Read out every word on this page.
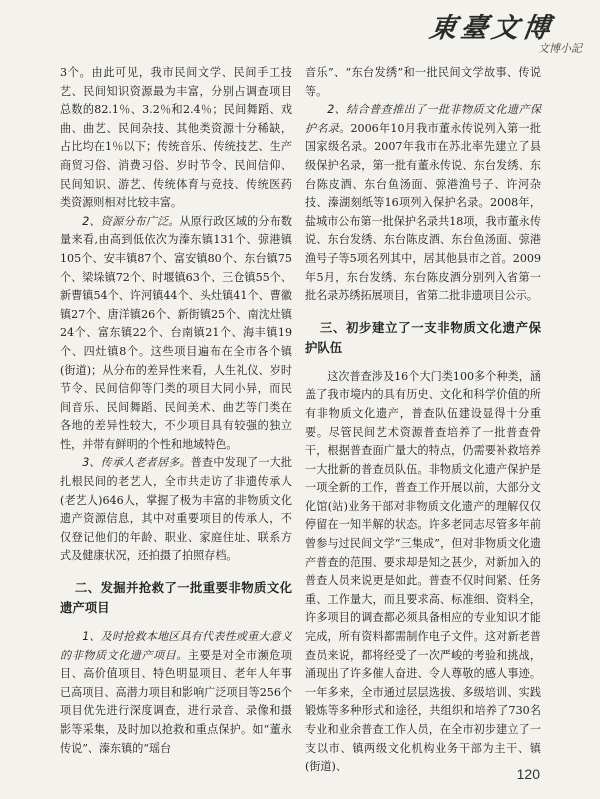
東臺文博
文博小記

3个。由此可见，我市民间文学、民间手工技艺、民间知识资源最为丰富，分别占调查项目总数的82.1％、3.2％和2.4％；民间舞蹈、戏曲、曲艺、民间杂技、其他类资源十分稀缺，占比均在1％以下；传统音乐、传统技艺、生产商贸习俗、消费习俗、岁时节令、民间信仰、民间知识、游艺、传统体育与竞技、传统医药类资源则相对比较丰富。

2、资源分布广泛。从原行政区域的分布数量来看,由高到低依次为溱东镇131个、弶港镇105个、安丰镇87个、富安镇80个、东台镇75个、梁垛镇72个、时堰镇63个、三仓镇55个、新曹镇54个、许河镇44个、头灶镇41个、曹徽镇27个、唐洋镇26个、新街镇25个、南沈灶镇24个、富东镇22个、台南镇21个、海丰镇19个、四灶镇8个。这些项目遍布在全市各个镇(街道)；从分布的差异性来看，人生礼仪、岁时节令、民间信仰等门类的项目大同小异，而民间音乐、民间舞蹈、民间美术、曲艺等门类在各地的差异性较大，不少项目具有较强的独立性，并带有鲜明的个性和地域特色。

3、传承人老者居多。普查中发现了一大批扎根民间的老艺人，全市共走访了非遗传承人(老艺人)646人，掌握了极为丰富的非物质文化遗产资源信息，其中对重要项目的传承人，不仅登记他们的年龄、职业、家庭住址、联系方式及健康状况，还拍摄了拍照存档。

二、发掘并抢救了一批重要非物质文化遗产项目

1、及时抢救本地区具有代表性或重大意义的非物质文化遗产项目。主要是对全市濒危项目、高价值项目、特色明显项目、老年人年事已高项目、高潜力项目和影响广泛项目等256个项目优先进行深度调查，进行录音、录像和摄影等采集，及时加以抢救和重点保护。如“董永传说”、溱东镇的“瑶台

音乐”、“东台发绣”和一批民间文学故事、传说等。

2、结合普查推出了一批非物质文化遗产保护名录。2006年10月我市董永传说列入第一批国家级名录。2007年我市在苏北率先建立了县级保护名录，第一批有董永传说、东台发绣、东台陈皮酒、东台鱼汤面、弶港渔号子、许河杂技、溱湖刻纸等16项列入保护名录。2008年，盐城市公布第一批保护名录共18项，我市董永传说、东台发绣、东台陈皮酒、东台鱼汤面、弶港渔号子等5项名列其中，居其他县市之首。2009年5月，东台发绣、东台陈皮酒分别列入省第一批名录苏绣拓展项目，省第二批非遗项目公示。

三、初步建立了一支非物质文化遗产保护队伍

这次普查涉及16个大门类100多个种类，涵盖了我市境内的具有历史、文化和科学价值的所有非物质文化遗产，普查队伍建设显得十分重要。尽管民间艺术资源普查培养了一批普查骨干，根据普查面广量大的特点，仍需要补救培养一大批新的普查员队伍。非物质文化遗产保护是一项全新的工作，普查工作开展以前，大部分文化馆(站)业务干部对非物质文化遗产的理解仅仅停留在一知半解的状态。许多老同志尽管多年前曾参与过民间文学“三集成”，但对非物质文化遗产普查的范围、要求却是知之甚少，对新加入的普查人员来说更是如此。普查不仅时间紧、任务重、工作量大，而且要求高、标准细、资料全，许多项目的调查都必须具备相应的专业知识才能完成，所有资料都需制作电子文件。这对新老普查员来说，都将经受了一次严峻的考验和挑战，涌现出了许多催人奋进、令人尊敬的感人事迹。一年多来，全市通过层层选拔、多级培训、实践锻炼等多种形式和途径，共组织和培养了730名专业和业余普查工作人员，在全市初步建立了一支以市、镇两级文化机构业务干部为主干、镇(街道)、	120
